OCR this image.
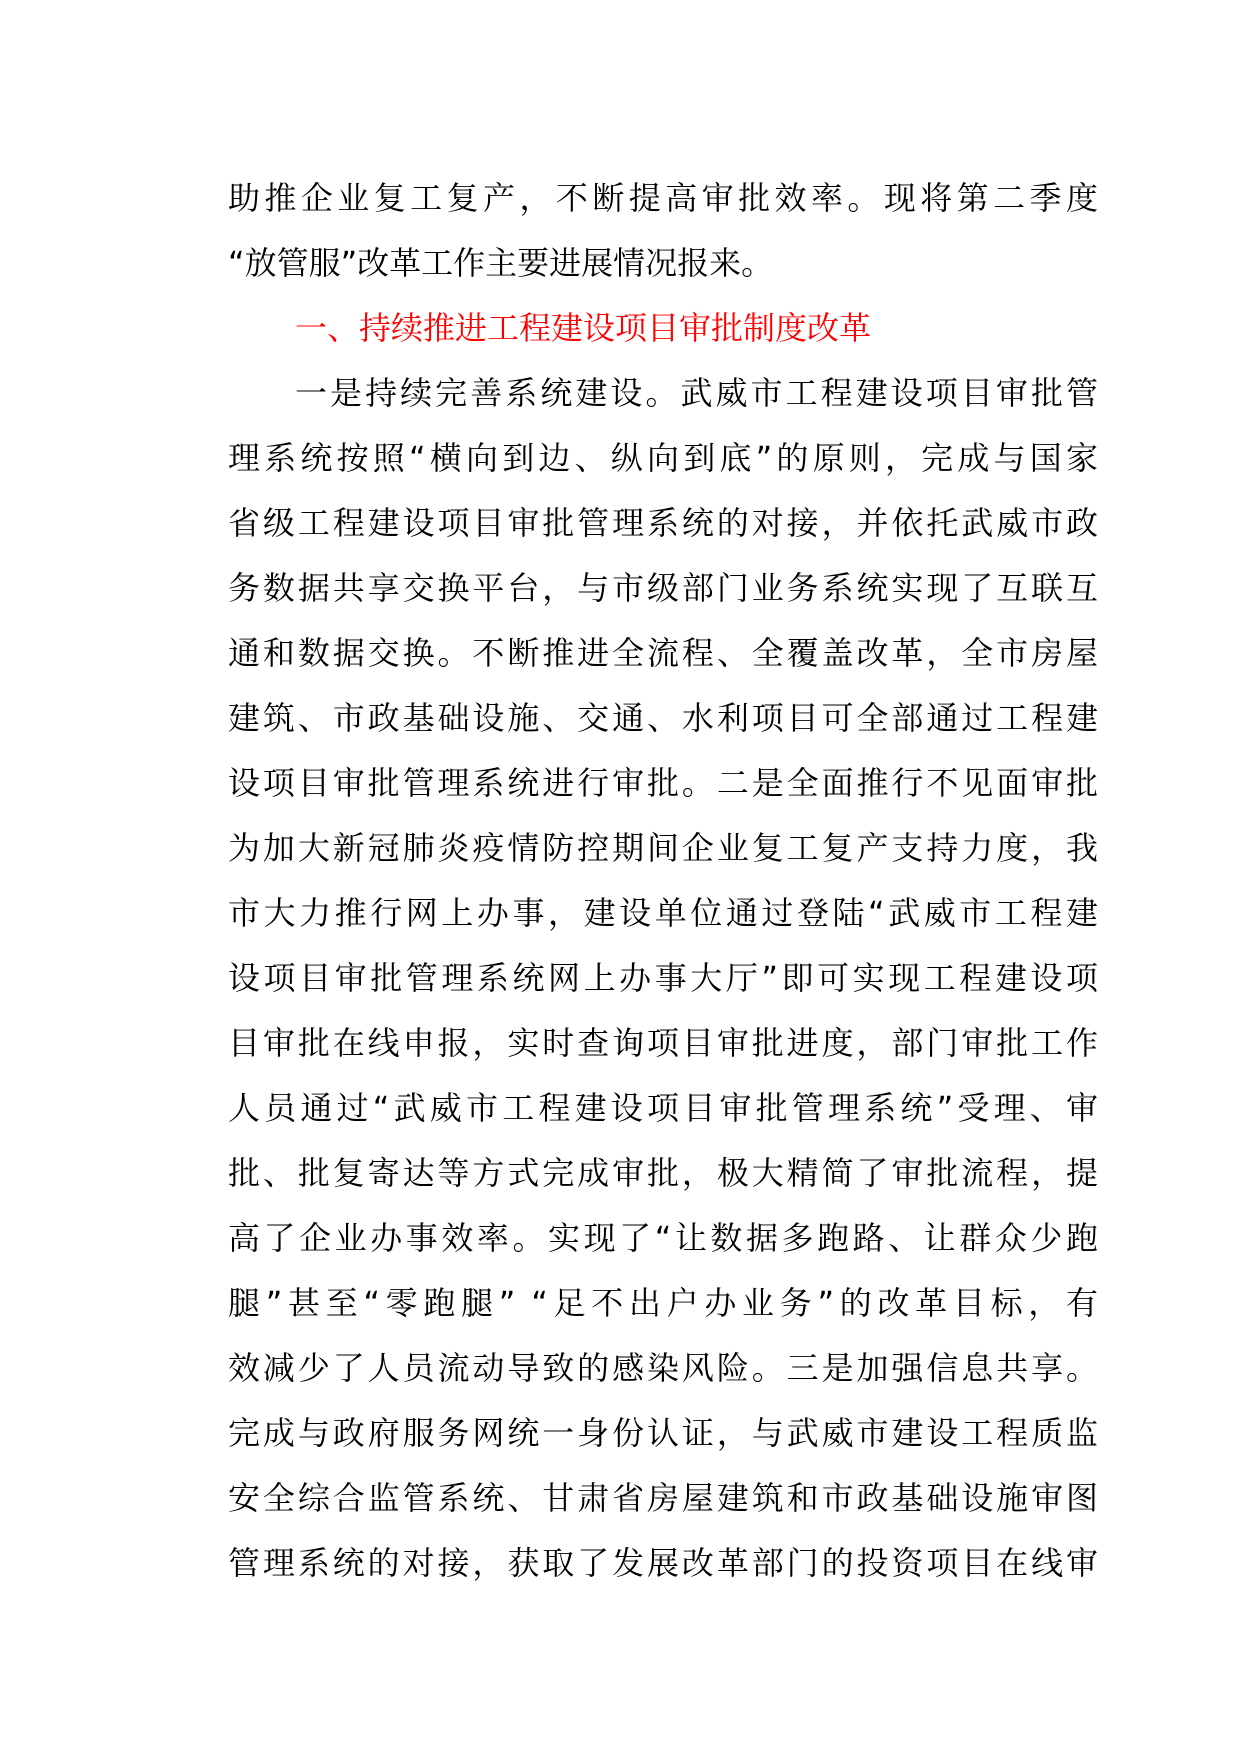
助推企业复工复产，不断提高审批效率。现将第二季度
“放管服”改革工作主要进展情况报来。
一、持续推进工程建设项目审批制度改革
一是持续完善系统建设。武威市工程建设项目审批管
理系统按照“横向到边、纵向到底”的原则，完成与国家
省级工程建设项目审批管理系统的对接，并依托武威市政
务数据共享交换平台，与市级部门业务系统实现了互联互
通和数据交换。不断推进全流程、全覆盖改革，全市房屋
建筑、市政基础设施、交通、水利项目可全部通过工程建
设项目审批管理系统进行审批。二是全面推行不见面审批
为加大新冠肺炎疫情防控期间企业复工复产支持力度，我
市大力推行网上办事，建设单位通过登陆“武威市工程建
设项目审批管理系统网上办事大厅”即可实现工程建设项
目审批在线申报，实时查询项目审批进度，部门审批工作
人员通过“武威市工程建设项目审批管理系统”受理、审
批、批复寄达等方式完成审批，极大精简了审批流程，提
高了企业办事效率。实现了“让数据多跑路、让群众少跑
腿”甚至“零跑腿” “足不出户办业务”的改革目标，有
效减少了人员流动导致的感染风险。三是加强信息共享。
完成与政府服务网统一身份认证，与武威市建设工程质监
安全综合监管系统、甘肃省房屋建筑和市政基础设施审图
管理系统的对接，获取了发展改革部门的投资项目在线审
